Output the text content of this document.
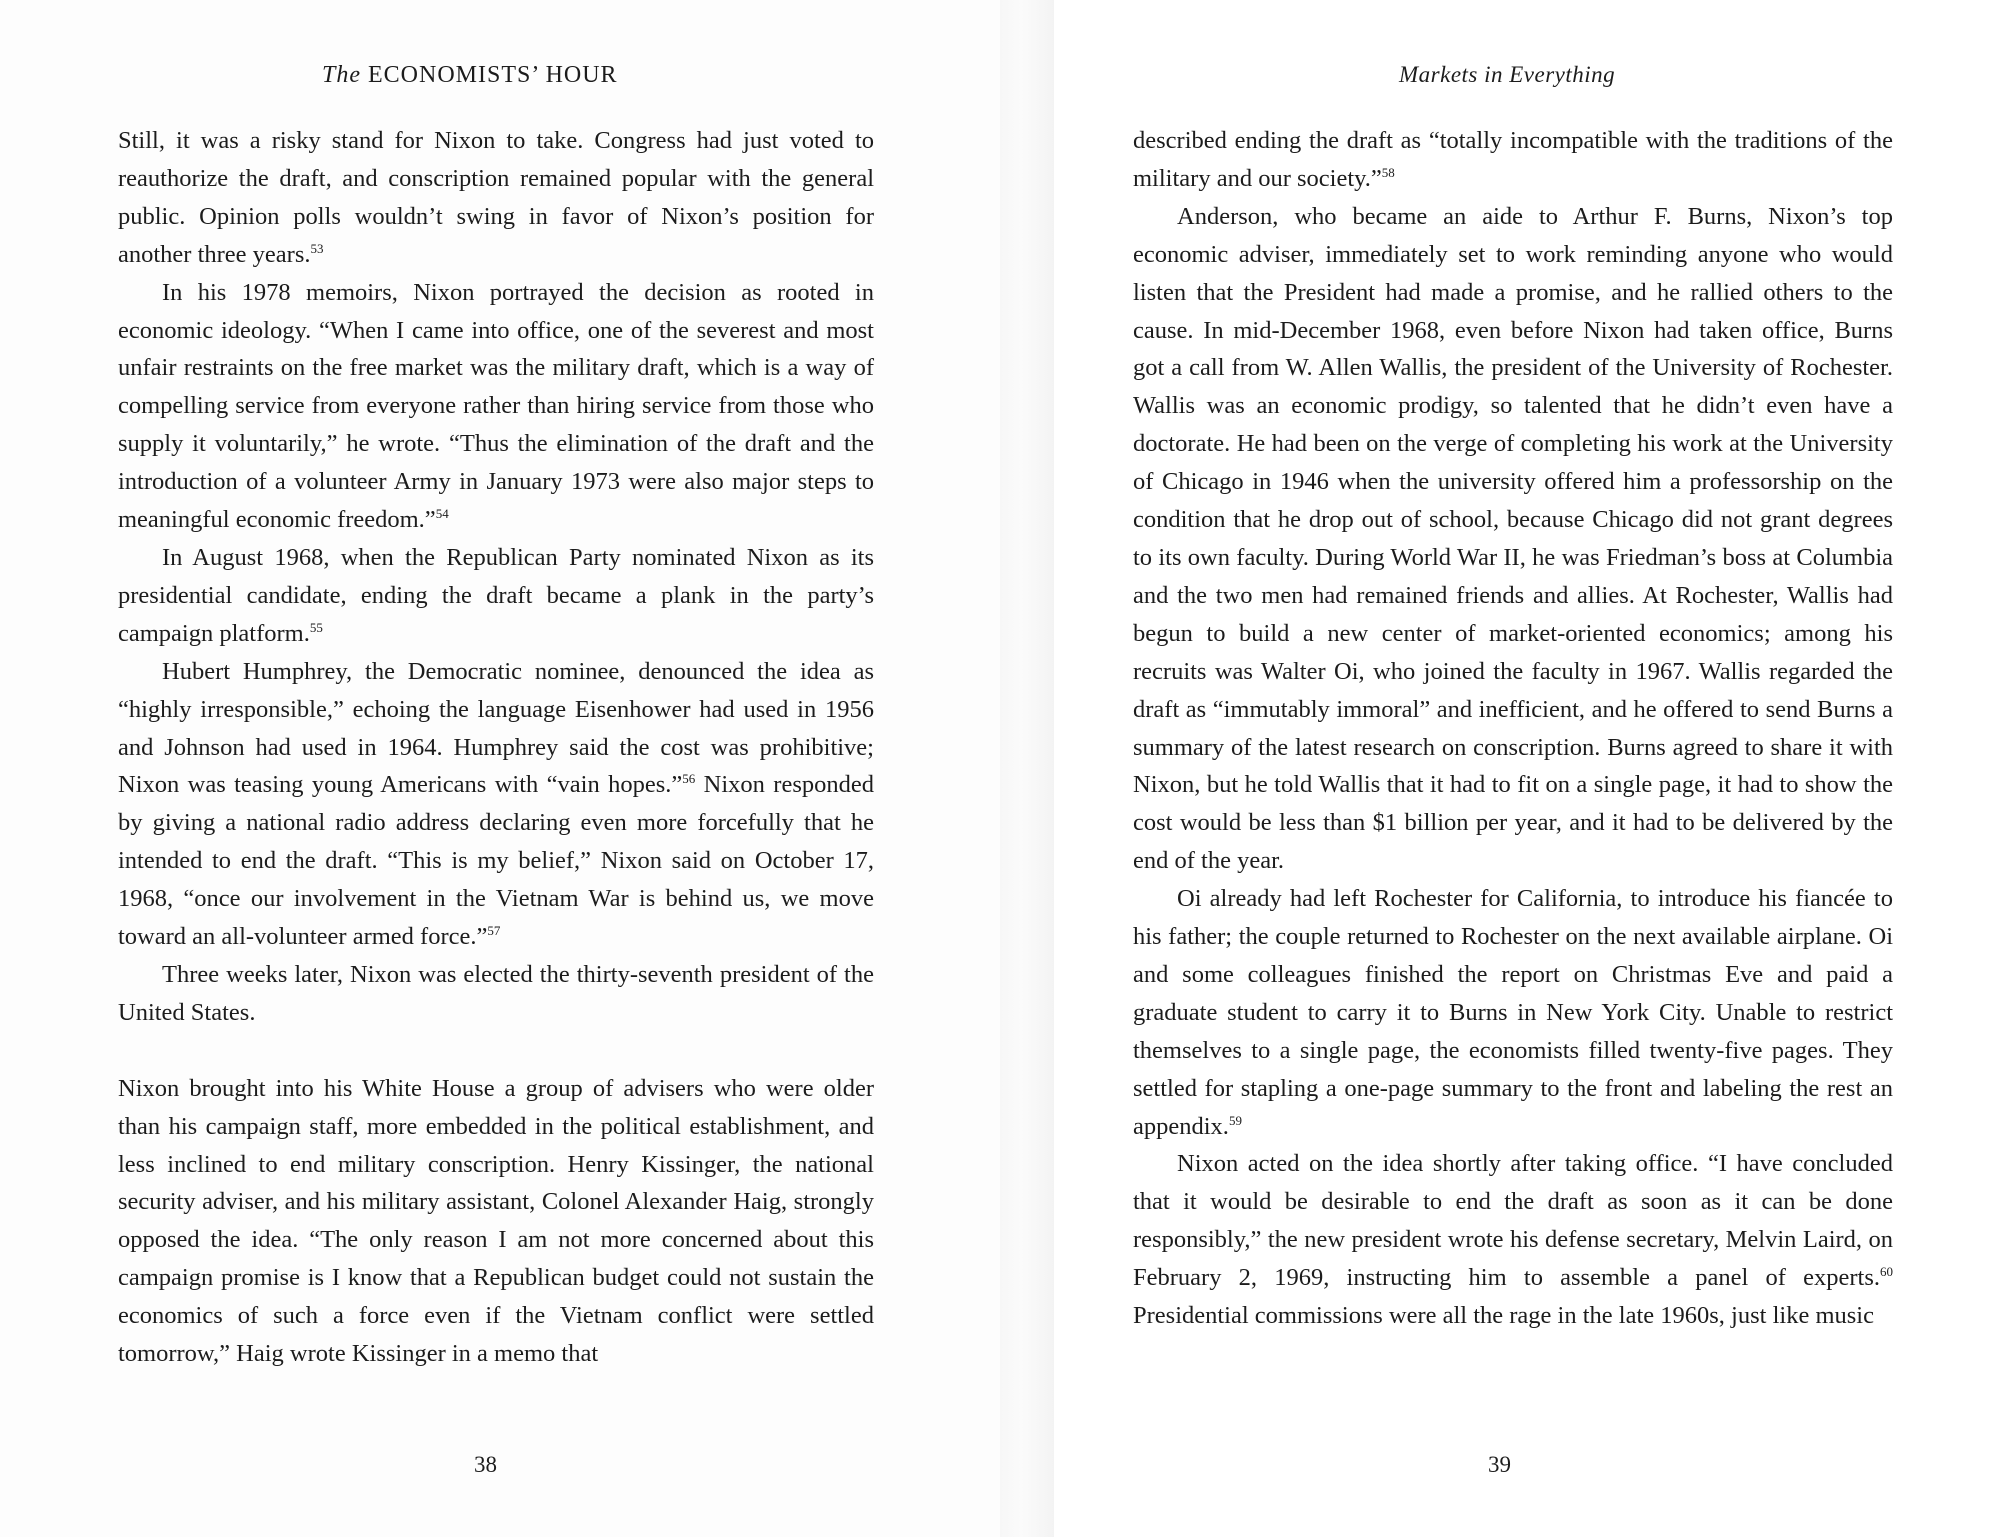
The ECONOMISTS’ HOUR

Still, it was a risky stand for Nixon to take. Congress had just voted to reauthorize the draft, and conscription remained popular with the general public. Opinion polls wouldn’t swing in favor of Nixon’s position for another three years.$^{53}$

In his 1978 memoirs, Nixon portrayed the decision as rooted in economic ideology. “When I came into office, one of the severest and most unfair restraints on the free market was the military draft, which is a way of compelling service from everyone rather than hiring service from those who supply it voluntarily,” he wrote. “Thus the elimination of the draft and the introduction of a volunteer Army in January 1973 were also major steps to meaningful economic freedom.”$^{54}$

In August 1968, when the Republican Party nominated Nixon as its presidential candidate, ending the draft became a plank in the party’s campaign platform.$^{55}$

Hubert Humphrey, the Democratic nominee, denounced the idea as “highly irresponsible,” echoing the language Eisenhower had used in 1956 and Johnson had used in 1964. Humphrey said the cost was prohibitive; Nixon was teasing young Americans with “vain hopes.”$^{56}$ Nixon responded by giving a national radio address declaring even more forcefully that he intended to end the draft. “This is my belief,” Nixon said on October 17, 1968, “once our involvement in the Vietnam War is behind us, we move toward an all-volunteer armed force.”$^{57}$

Three weeks later, Nixon was elected the thirty-seventh president of the United States.

Nixon brought into his White House a group of advisers who were older than his campaign staff, more embedded in the political establishment, and less inclined to end military conscription. Henry Kissinger, the national security adviser, and his military assistant, Colonel Alexander Haig, strongly opposed the idea. “The only reason I am not more concerned about this campaign promise is I know that a Republican budget could not sustain the economics of such a force even if the Vietnam conflict were settled tomorrow,” Haig wrote Kissinger in a memo that

38
Markets in Everything

described ending the draft as “totally incompatible with the traditions of the military and our society.”$^{58}$

Anderson, who became an aide to Arthur F. Burns, Nixon’s top economic adviser, immediately set to work reminding anyone who would listen that the President had made a promise, and he rallied others to the cause. In mid-December 1968, even before Nixon had taken office, Burns got a call from W. Allen Wallis, the president of the University of Rochester. Wallis was an economic prodigy, so talented that he didn’t even have a doctorate. He had been on the verge of completing his work at the University of Chicago in 1946 when the university offered him a professorship on the condition that he drop out of school, because Chicago did not grant degrees to its own faculty. During World War II, he was Friedman’s boss at Columbia and the two men had remained friends and allies. At Rochester, Wallis had begun to build a new center of market-oriented economics; among his recruits was Walter Oi, who joined the faculty in 1967. Wallis regarded the draft as “immutably immoral” and inefficient, and he offered to send Burns a summary of the latest research on conscription. Burns agreed to share it with Nixon, but he told Wallis that it had to fit on a single page, it had to show the cost would be less than $1 billion per year, and it had to be delivered by the end of the year.

Oi already had left Rochester for California, to introduce his fiancée to his father; the couple returned to Rochester on the next available airplane. Oi and some colleagues finished the report on Christmas Eve and paid a graduate student to carry it to Burns in New York City. Unable to restrict themselves to a single page, the economists filled twenty-five pages. They settled for stapling a one-page summary to the front and labeling the rest an appendix.$^{59}$

Nixon acted on the idea shortly after taking office. “I have concluded that it would be desirable to end the draft as soon as it can be done responsibly,” the new president wrote his defense secretary, Melvin Laird, on February 2, 1969, instructing him to assemble a panel of experts.$^{60}$ Presidential commissions were all the rage in the late 1960s, just like music

39
